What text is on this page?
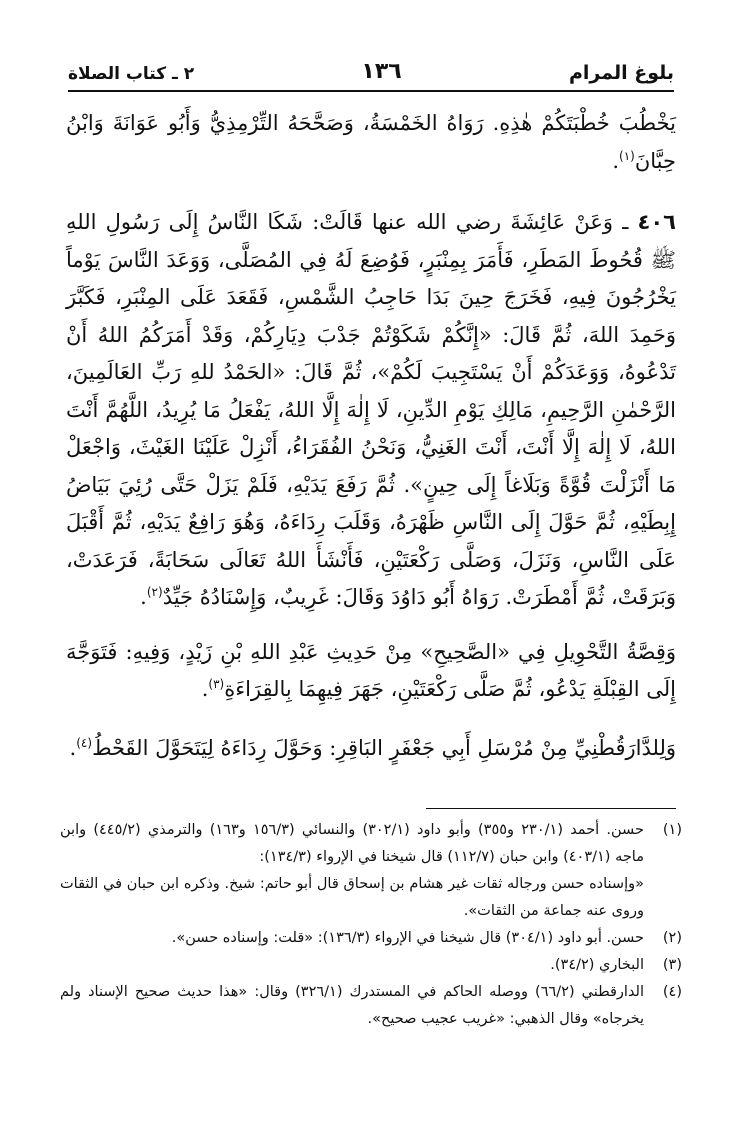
بلوغ المرام
١٣٦
٢ ـ كتاب الصلاة

يَخْطُبَ خُطْبَتَكُمْ هٰذِهِ. رَوَاهُ الخَمْسَةُ، وَصَحَّحَهُ التِّرْمِذِيُّ وَأَبُو عَوَانَةَ وَابْنُ حِبَّانَ$^{(١)}$.

٤٠٦ ـ وَعَنْ عَائِشَةَ رضي الله عنها قَالَتْ: شَكَا النَّاسُ إِلَى رَسُولِ اللهِ ﷺ قُحُوطَ المَطَرِ، فَأَمَرَ بِمِنْبَرٍ، فَوُضِعَ لَهُ فِي المُصَلَّى، وَوَعَدَ النَّاسَ يَوْماً يَخْرُجُونَ فِيهِ، فَخَرَجَ حِينَ بَدَا حَاجِبُ الشَّمْسِ، فَقَعَدَ عَلَى المِنْبَرِ، فَكَبَّرَ وَحَمِدَ اللهَ، ثُمَّ قَالَ: «إِنَّكُمْ شَكَوْتُمْ جَدْبَ دِيَارِكُمْ، وَقَدْ أَمَرَكُمُ اللهُ أَنْ تَدْعُوهُ، وَوَعَدَكُمْ أَنْ يَسْتَجِيبَ لَكُمْ»، ثُمَّ قَالَ: «الحَمْدُ للهِ رَبِّ العَالَمِينَ، الرَّحْمٰنِ الرَّحِيمِ، مَالِكِ يَوْمِ الدِّينِ، لَا إِلٰهَ إِلَّا اللهُ، يَفْعَلُ مَا يُرِيدُ، اللَّهُمَّ أَنْتَ اللهُ، لَا إِلٰهَ إِلَّا أَنْتَ، أَنْتَ الغَنِيُّ، وَنَحْنُ الفُقَرَاءُ، أَنْزِلْ عَلَيْنَا الغَيْثَ، وَاجْعَلْ مَا أَنْزَلْتَ قُوَّةً وَبَلَاغاً إِلَى حِينٍ». ثُمَّ رَفَعَ يَدَيْهِ، فَلَمْ يَزَلْ حَتَّى رُئِيَ بَيَاضُ إِبِطَيْهِ، ثُمَّ حَوَّلَ إِلَى النَّاسِ ظَهْرَهُ، وَقَلَبَ رِدَاءَهُ، وَهُوَ رَافِعٌ يَدَيْهِ، ثُمَّ أَقْبَلَ عَلَى النَّاسِ، وَنَزَلَ، وَصَلَّى رَكْعَتَيْنِ، فَأَنْشَأَ اللهُ تَعَالَى سَحَابَةً، فَرَعَدَتْ، وَبَرَقَتْ، ثُمَّ أَمْطَرَتْ. رَوَاهُ أَبُو دَاوُدَ وَقَالَ: غَرِيبٌ، وَإِسْنَادُهُ جَيِّدٌ$^{(٢)}$.

وَقِصَّةُ التَّحْوِيلِ فِي «الصَّحِيحِ» مِنْ حَدِيثِ عَبْدِ اللهِ بْنِ زَيْدٍ، وَفِيهِ: فَتَوَجَّهَ إِلَى القِبْلَةِ يَدْعُو، ثُمَّ صَلَّى رَكْعَتَيْنِ، جَهَرَ فِيهِمَا بِالقِرَاءَةِ$^{(٣)}$.

وَلِلدَّارَقُطْنِيِّ مِنْ مُرْسَلِ أَبِي جَعْفَرٍ البَاقِرِ: وَحَوَّلَ رِدَاءَهُ لِيَتَحَوَّلَ القَحْطُ$^{(٤)}$.

(١)
حسن. أحمد (٢٣٠/١ و٣٥٥) وأبو داود (٣٠٢/١) والنسائي (١٥٦/٣ و١٦٣) والترمذي (٤٤٥/٢) وابن ماجه (٤٠٣/١) وابن حبان (١١٢/٧) قال شيخنا في الإرواء (١٣٤/٣):
«وإسناده حسن ورجاله ثقات غير هشام بن إسحاق قال أبو حاتم: شيخ. وذكره ابن حبان في الثقات وروى عنه جماعة من الثقات».
(٢)
حسن. أبو داود (٣٠٤/١) قال شيخنا في الإرواء (١٣٦/٣): «قلت: وإسناده حسن».
(٣)
البخاري (٣٤/٢).
(٤)
الدارقطني (٦٦/٢) ووصله الحاكم في المستدرك (٣٢٦/١) وقال: «هذا حديث صحيح الإسناد ولم يخرجاه» وقال الذهبي: «غريب عجيب صحيح».
